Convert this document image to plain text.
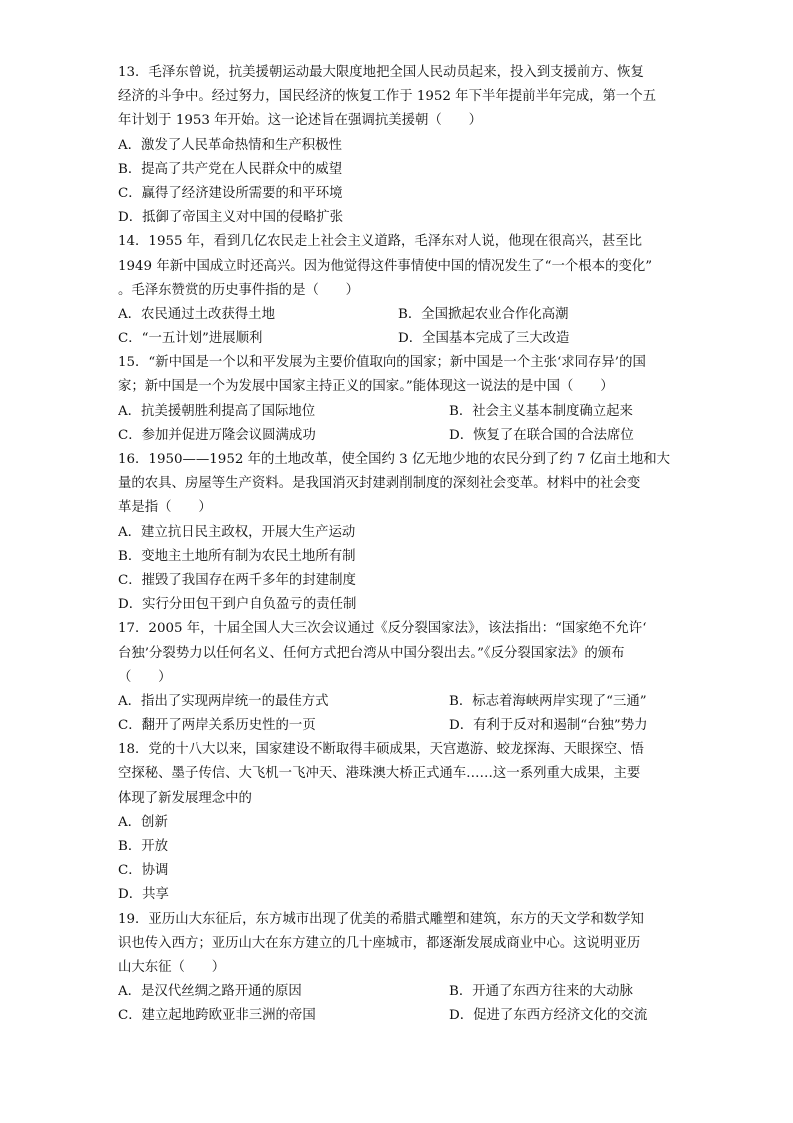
13．毛泽东曾说，抗美援朝运动最大限度地把全国人民动员起来，投入到支援前方、恢复
经济的斗争中。经过努力，国民经济的恢复工作于 1952 年下半年提前半年完成，第一个五
年计划于 1953 年开始。这一论述旨在强调抗美援朝（　　）
A．激发了人民革命热情和生产积极性
B．提高了共产党在人民群众中的威望
C．赢得了经济建设所需要的和平环境
D．抵御了帝国主义对中国的侵略扩张
14．1955 年，看到几亿农民走上社会主义道路，毛泽东对人说，他现在很高兴，甚至比
1949 年新中国成立时还高兴。因为他觉得这件事情使中国的情况发生了“一个根本的变化”
。毛泽东赞赏的历史事件指的是（　　）
A．农民通过土改获得土地	B．全国掀起农业合作化高潮
C．“一五计划”进展顺利	D．全国基本完成了三大改造
15．“新中国是一个以和平发展为主要价值取向的国家；新中国是一个主张‘求同存异’的国
家；新中国是一个为发展中国家主持正义的国家。”能体现这一说法的是中国（　　）
A．抗美援朝胜利提高了国际地位	B．社会主义基本制度确立起来
C．参加并促进万隆会议圆满成功	D．恢复了在联合国的合法席位
16．1950——1952 年的土地改革，使全国约 3 亿无地少地的农民分到了约 7 亿亩土地和大
量的农具、房屋等生产资料。是我国消灭封建剥削制度的深刻社会变革。材料中的社会变
革是指（　　）
A．建立抗日民主政权，开展大生产运动
B．变地主土地所有制为农民土地所有制
C．摧毁了我国存在两千多年的封建制度
D．实行分田包干到户自负盈亏的责任制
17．2005 年，十届全国人大三次会议通过《反分裂国家法》，该法指出：“国家绝不允许‘
台独’分裂势力以任何名义、任何方式把台湾从中国分裂出去。”《反分裂国家法》的颁布
（　　）
A．指出了实现两岸统一的最佳方式	B．标志着海峡两岸实现了“三通”
C．翻开了两岸关系历史性的一页	D．有利于反对和遏制“台独”势力
18．党的十八大以来，国家建设不断取得丰硕成果，天宫遨游、蛟龙探海、天眼探空、悟
空探秘、墨子传信、大飞机一飞冲天、港珠澳大桥正式通车……这一系列重大成果，主要
体现了新发展理念中的
A．创新
B．开放
C．协调
D．共享
19．亚历山大东征后，东方城市出现了优美的希腊式雕塑和建筑，东方的天文学和数学知
识也传入西方；亚历山大在东方建立的几十座城市，都逐渐发展成商业中心。这说明亚历
山大东征（　　）
A．是汉代丝绸之路开通的原因	B．开通了东西方往来的大动脉
C．建立起地跨欧亚非三洲的帝国	D．促进了东西方经济文化的交流
